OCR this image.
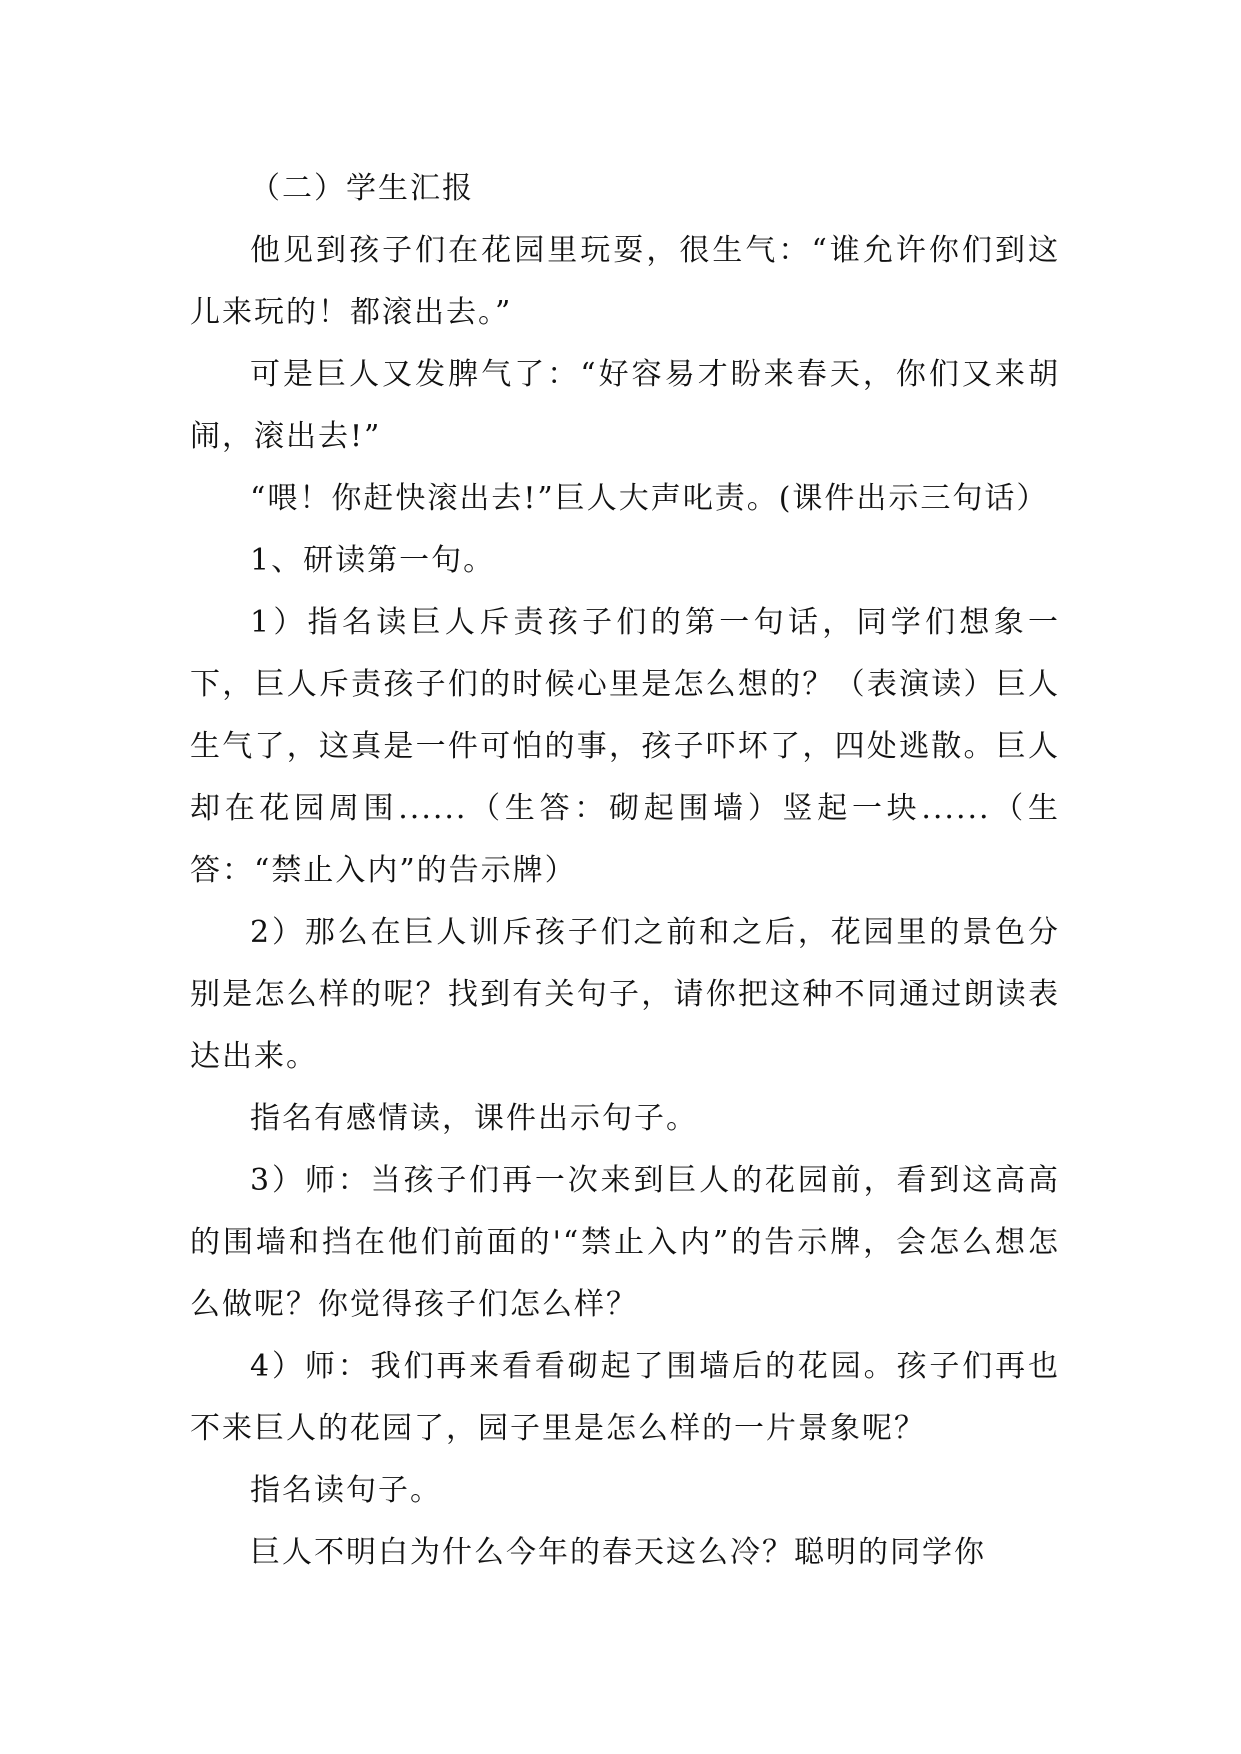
（二）学生汇报

他见到孩子们在花园里玩耍，很生气：“谁允许你们到这儿来玩的！都滚出去。”

可是巨人又发脾气了：“好容易才盼来春天，你们又来胡闹，滚出去!”

“喂！你赶快滚出去!”巨人大声叱责。(课件出示三句话）

1、研读第一句。

1）指名读巨人斥责孩子们的第一句话，同学们想象一下，巨人斥责孩子们的时候心里是怎么想的？（表演读）巨人生气了，这真是一件可怕的事，孩子吓坏了，四处逃散。巨人却在花园周围......（生答：砌起围墙）竖起一块......（生答：“禁止入内”的告示牌）

2）那么在巨人训斥孩子们之前和之后，花园里的景色分别是怎么样的呢？找到有关句子，请你把这种不同通过朗读表达出来。

指名有感情读，课件出示句子。

3）师：当孩子们再一次来到巨人的花园前，看到这高高的围墙和挡在他们前面的'“禁止入内”的告示牌，会怎么想怎么做呢？你觉得孩子们怎么样？

4）师：我们再来看看砌起了围墙后的花园。孩子们再也不来巨人的花园了，园子里是怎么样的一片景象呢？

指名读句子。

巨人不明白为什么今年的春天这么冷？聪明的同学你
